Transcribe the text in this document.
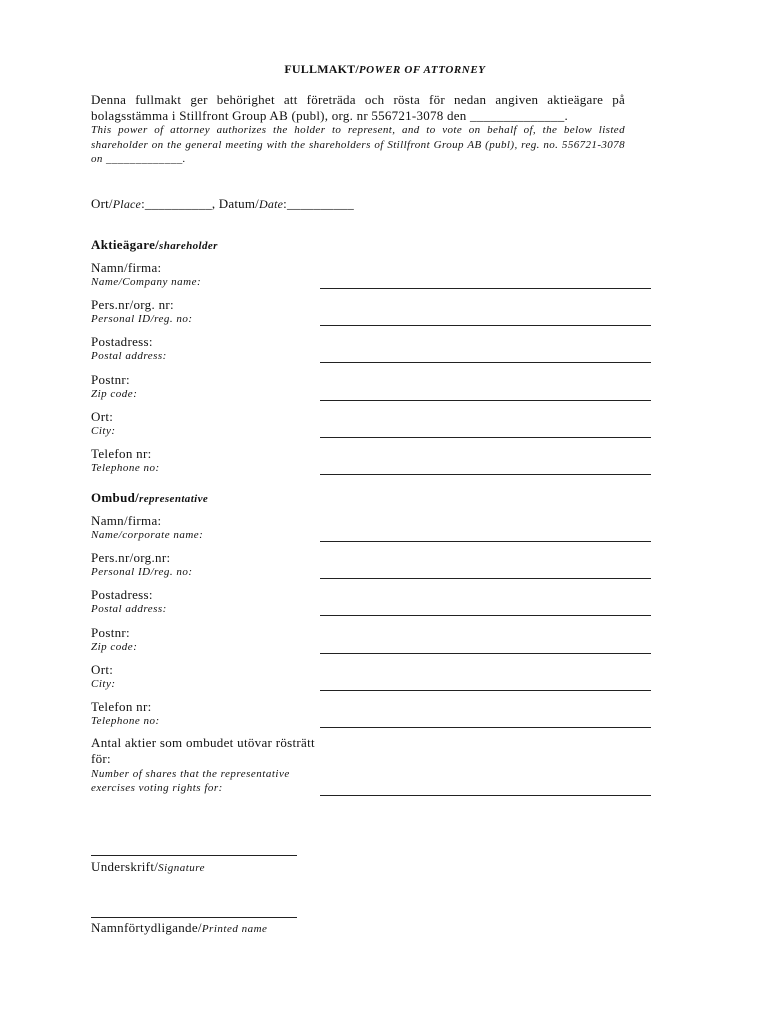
FULLMAKT/POWER OF ATTORNEY
Denna fullmakt ger behörighet att företräda och rösta för nedan angiven aktieägare på bolagsstämma i Stillfront Group AB (publ), org. nr 556721-3078 den ______________.
This power of attorney authorizes the holder to represent, and to vote on behalf of, the below listed shareholder on the general meeting with the shareholders of Stillfront Group AB (publ), reg. no. 556721-3078 on _____________.
Ort/Place:__________, Datum/Date:__________
Aktieägare/shareholder
Namn/firma:
Name/Company name:
Pers.nr/org. nr:
Personal ID/reg. no:
Postadress:
Postal address:
Postnr:
Zip code:
Ort:
City:
Telefon nr:
Telephone no:
Ombud/representative
Namn/firma:
Name/corporate name:
Pers.nr/org.nr:
Personal ID/reg. no:
Postadress:
Postal address:
Postnr:
Zip code:
Ort:
City:
Telefon nr:
Telephone no:
Antal aktier som ombudet utövar rösträtt för:
Number of shares that the representative exercises voting rights for:
Underskrift/Signature
Namnförtydligande/Printed name
